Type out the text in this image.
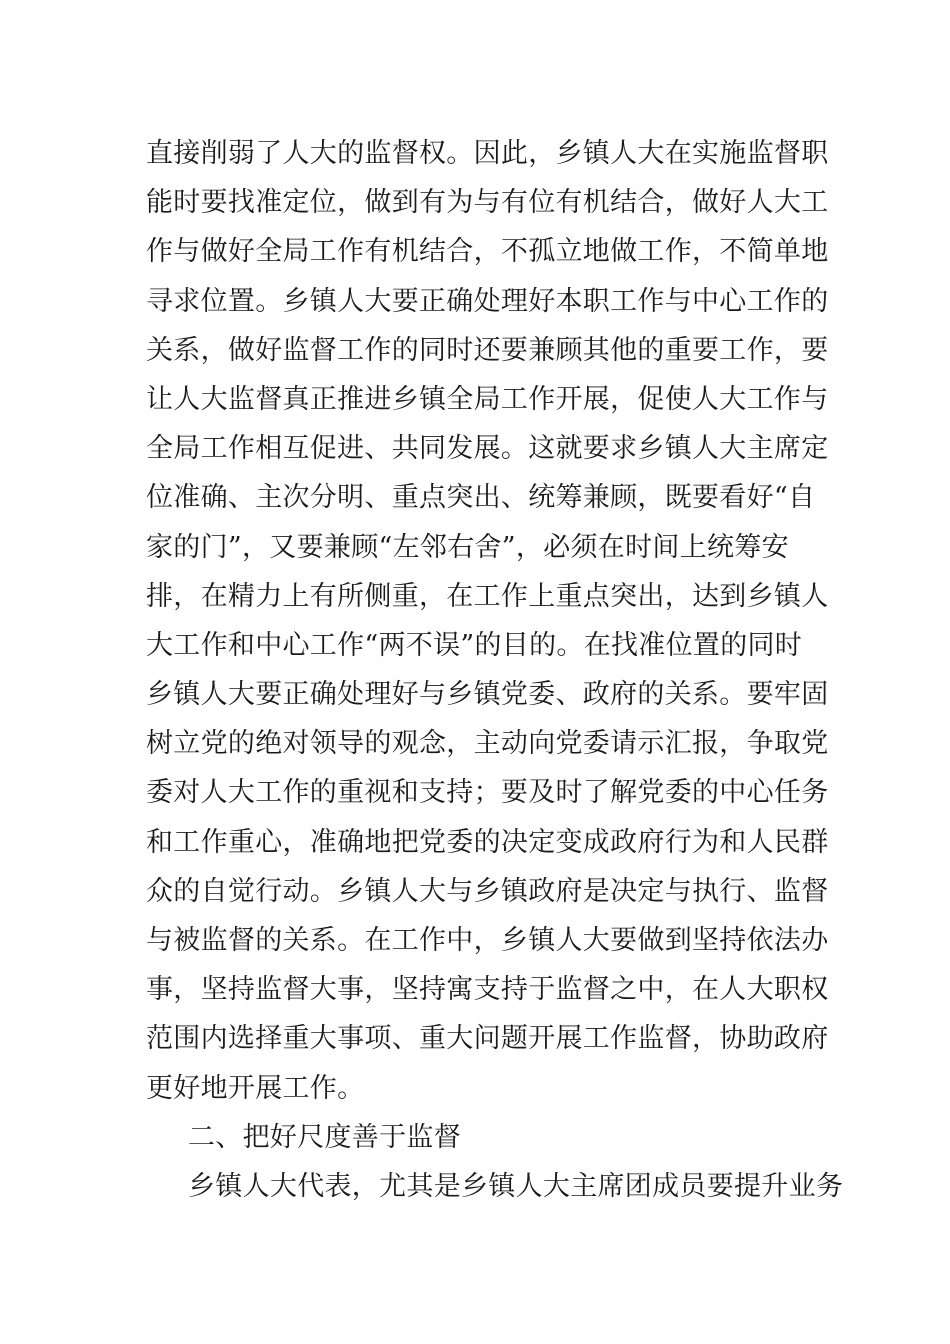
直接削弱了人大的监督权。因此，乡镇人大在实施监督职
能时要找准定位，做到有为与有位有机结合，做好人大工
作与做好全局工作有机结合，不孤立地做工作，不简单地
寻求位置。乡镇人大要正确处理好本职工作与中心工作的
关系，做好监督工作的同时还要兼顾其他的重要工作，要
让人大监督真正推进乡镇全局工作开展，促使人大工作与
全局工作相互促进、共同发展。这就要求乡镇人大主席定
位准确、主次分明、重点突出、统筹兼顾，既要看好“自
家的门”，又要兼顾“左邻右舍”，必须在时间上统筹安
排，在精力上有所侧重，在工作上重点突出，达到乡镇人
大工作和中心工作“两不误”的目的。在找准位置的同时
乡镇人大要正确处理好与乡镇党委、政府的关系。要牢固
树立党的绝对领导的观念，主动向党委请示汇报，争取党
委对人大工作的重视和支持；要及时了解党委的中心任务
和工作重心，准确地把党委的决定变成政府行为和人民群
众的自觉行动。乡镇人大与乡镇政府是决定与执行、监督
与被监督的关系。在工作中，乡镇人大要做到坚持依法办
事，坚持监督大事，坚持寓支持于监督之中，在人大职权
范围内选择重大事项、重大问题开展工作监督，协助政府
更好地开展工作。
二、把好尺度善于监督
乡镇人大代表，尤其是乡镇人大主席团成员要提升业务
